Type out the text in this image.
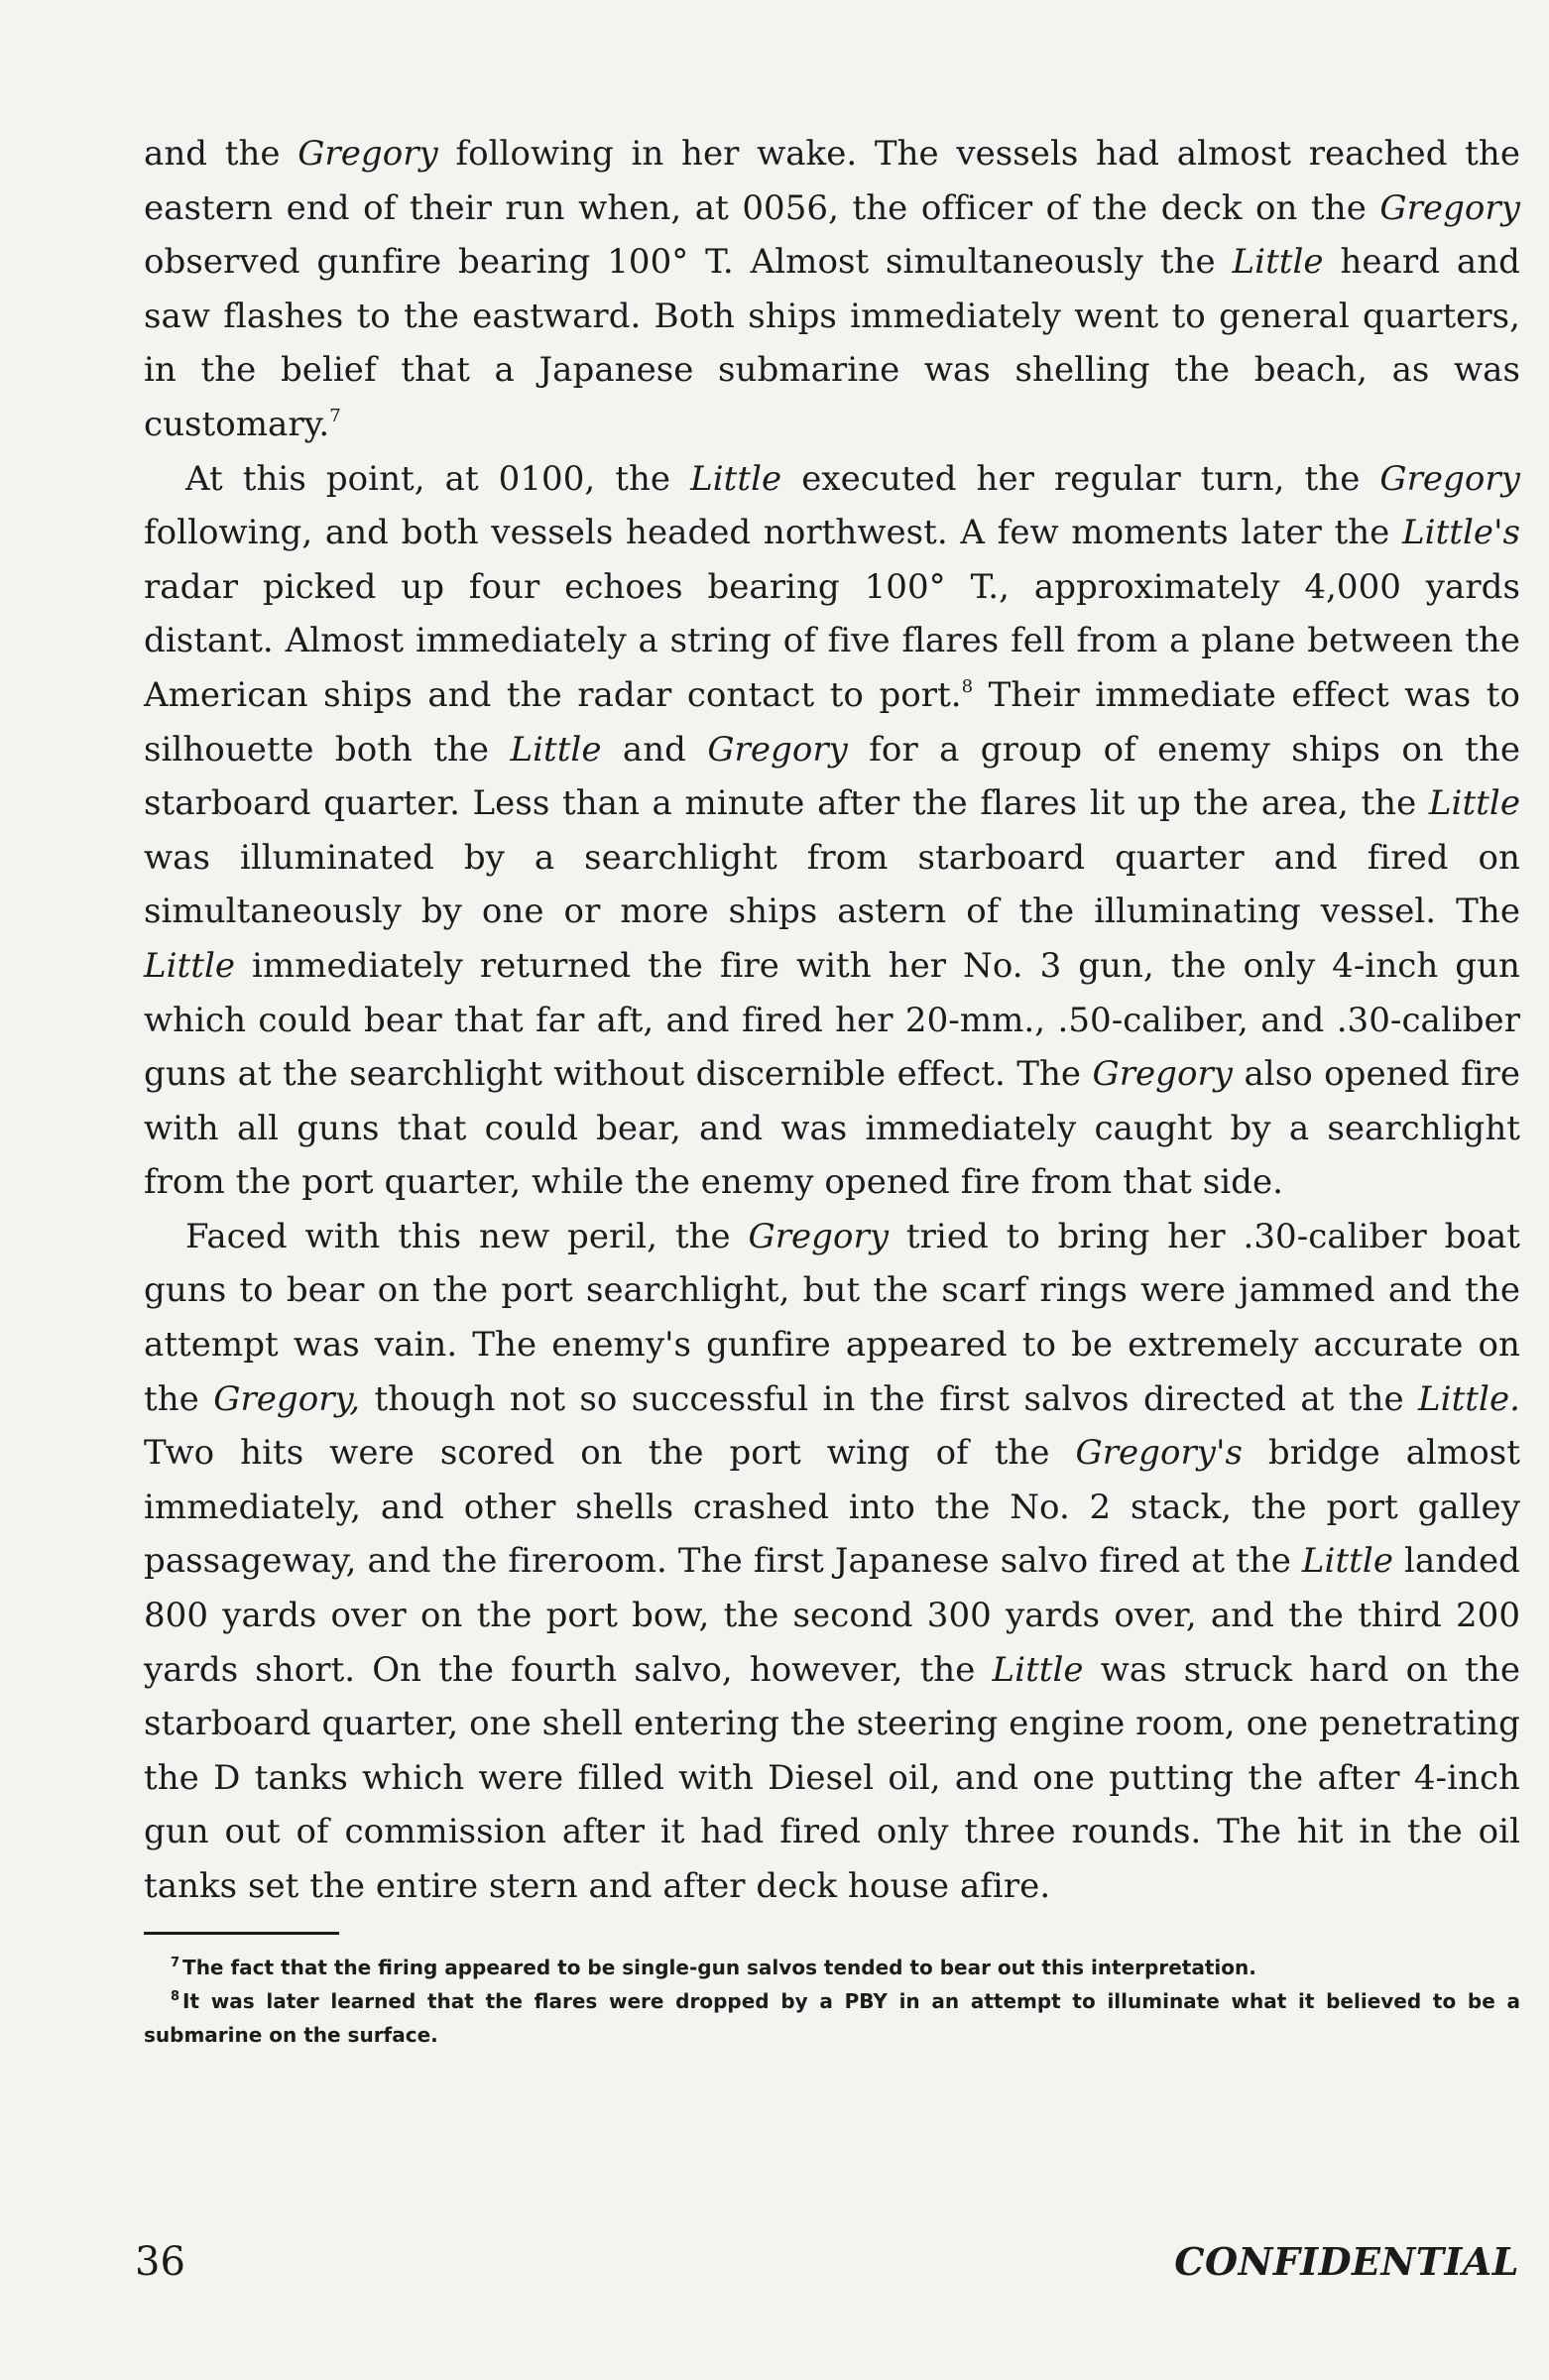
and the Gregory following in her wake. The vessels had almost reached the eastern end of their run when, at 0056, the officer of the deck on the Gregory observed gunfire bearing 100° T. Almost simultaneously the Little heard and saw flashes to the eastward. Both ships immediately went to general quarters, in the belief that a Japanese submarine was shelling the beach, as was customary.$^7$

At this point, at 0100, the Little executed her regular turn, the Gregory following, and both vessels headed northwest. A few moments later the Little's radar picked up four echoes bearing 100° T., approximately 4,000 yards distant. Almost immediately a string of five flares fell from a plane between the American ships and the radar contact to port.$^8$ Their immediate effect was to silhouette both the Little and Gregory for a group of enemy ships on the starboard quarter. Less than a minute after the flares lit up the area, the Little was illuminated by a searchlight from starboard quarter and fired on simultaneously by one or more ships astern of the illuminating vessel. The Little immediately returned the fire with her No. 3 gun, the only 4-inch gun which could bear that far aft, and fired her 20-mm., .50-caliber, and .30-caliber guns at the searchlight without discernible effect. The Gregory also opened fire with all guns that could bear, and was immediately caught by a searchlight from the port quarter, while the enemy opened fire from that side.

Faced with this new peril, the Gregory tried to bring her .30-caliber boat guns to bear on the port searchlight, but the scarf rings were jammed and the attempt was vain. The enemy's gunfire appeared to be extremely accurate on the Gregory, though not so successful in the first salvos directed at the Little. Two hits were scored on the port wing of the Gregory's bridge almost immediately, and other shells crashed into the No. 2 stack, the port galley passageway, and the fireroom. The first Japanese salvo fired at the Little landed 800 yards over on the port bow, the second 300 yards over, and the third 200 yards short. On the fourth salvo, however, the Little was struck hard on the starboard quarter, one shell entering the steering engine room, one penetrating the D tanks which were filled with Diesel oil, and one putting the after 4-inch gun out of commission after it had fired only three rounds. The hit in the oil tanks set the entire stern and after deck house afire.

$^7$ The fact that the firing appeared to be single-gun salvos tended to bear out this interpretation.

$^8$ It was later learned that the flares were dropped by a PBY in an attempt to illuminate what it believed to be a submarine on the surface.

36	CONFIDENTIAL
